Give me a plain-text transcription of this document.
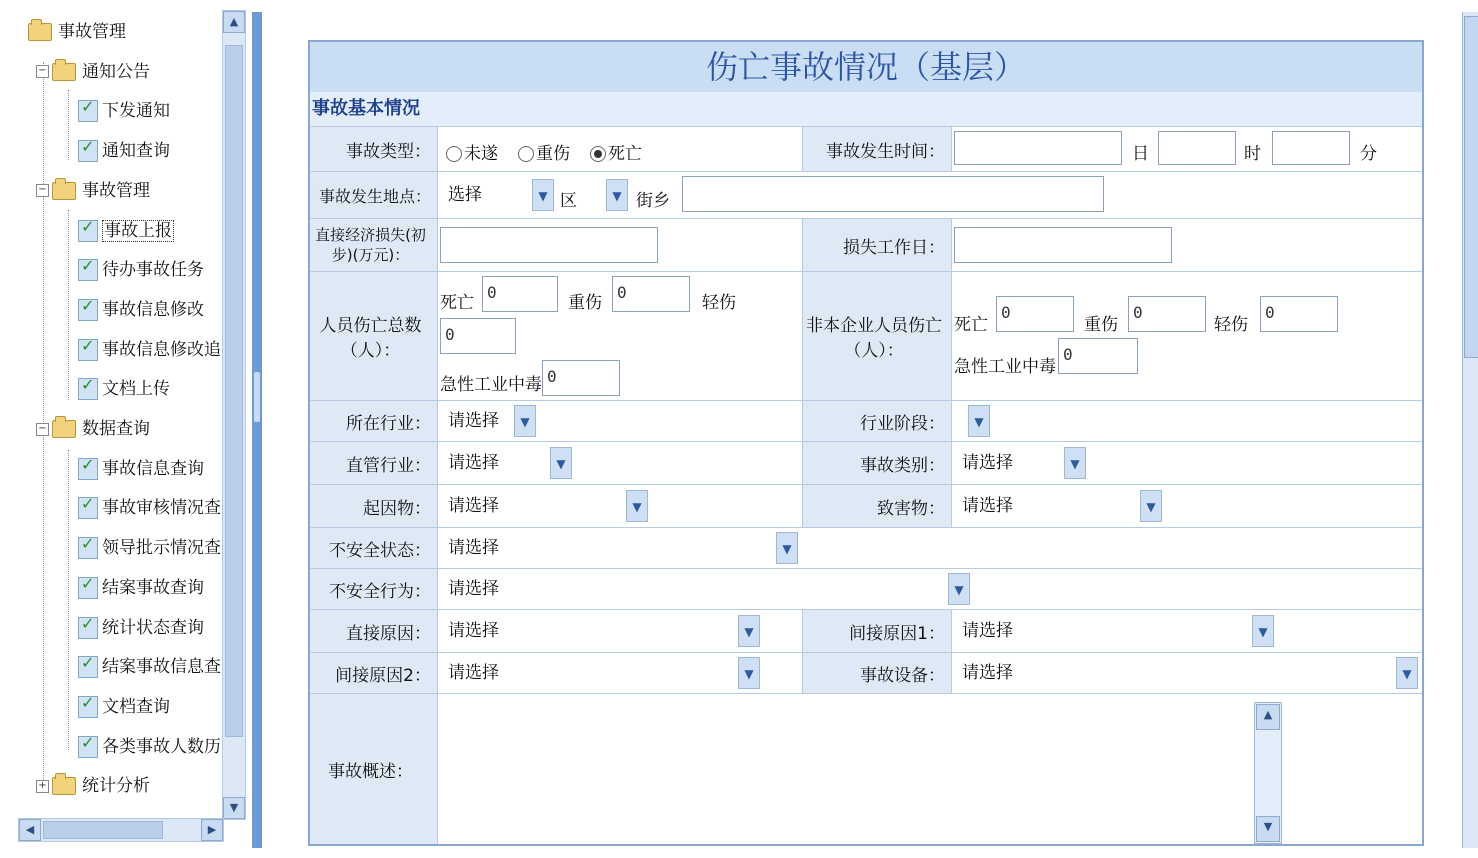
事故管理
− 通知公告
✓下发通知
✓通知查询
− 事故管理
✓事故上报
✓待办事故任务
✓事故信息修改
✓事故信息修改追
✓文档上传
− 数据查询
✓事故信息查询
✓事故审核情况查
✓领导批示情况查
✓结案事故查询
✓统计状态查询
✓结案事故信息查
✓文档查询
✓各类事故人数历
+ 统计分析
▲
▼
◀	▶
伤亡事故情况（基层）
事故基本情况
事故类型：	未遂	重伤	死亡	事故发生时间：	日	时	分
事故发生地点：	选择	▼ 区	▼ 街乡
直接经济损失(初步)(万元)：	损失工作日：
人员伤亡总数（人）：
死亡
0
重伤
0
轻伤
0
急性工业中毒 0
非本企业人员伤亡（人）：
死亡
0
重伤
0
轻伤
0
急性工业中毒
0
所在行业：	请选择	▼	行业阶段：	▼
直管行业：	请选择	▼	事故类别：	请选择	▼
起因物：	请选择	▼	致害物：	请选择	▼
不安全状态：	请选择	▼
不安全行为：	请选择	▼
直接原因：	请选择	▼	间接原因1：	请选择	▼
间接原因2：	请选择	▼	事故设备：	请选择	▼
事故概述：
▲
▼
